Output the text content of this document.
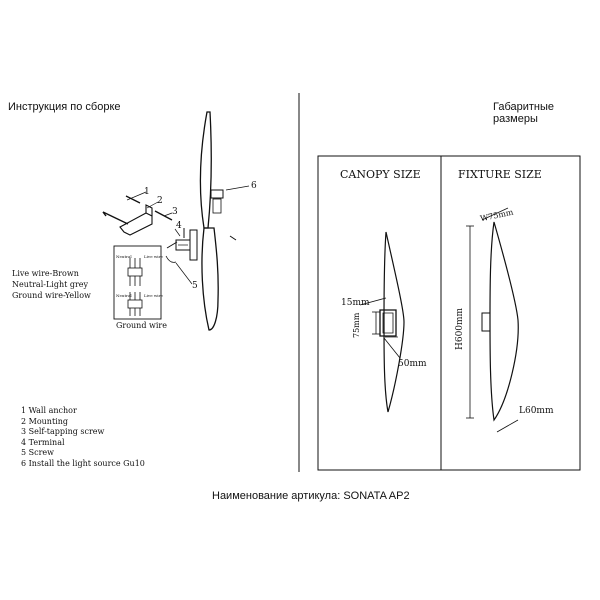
Инструкция по сборке	Габаритные размеры
1
2
3
4
5
6
Neutral	Live wire
Neutral	Live wire
Live wire-Brown
Neutral-Light grey
Ground wire-Yellow
Ground wire
1 Wall anchor
2 Mounting
3 Self-tapping screw
4 Terminal
5 Screw
6 Install the light source Gu10
CANOPY SIZE	FIXTURE SIZE
15mm
75mm
50mm
W75mm
H600mm
L60mm
Наименование артикула: SONATA AP2
